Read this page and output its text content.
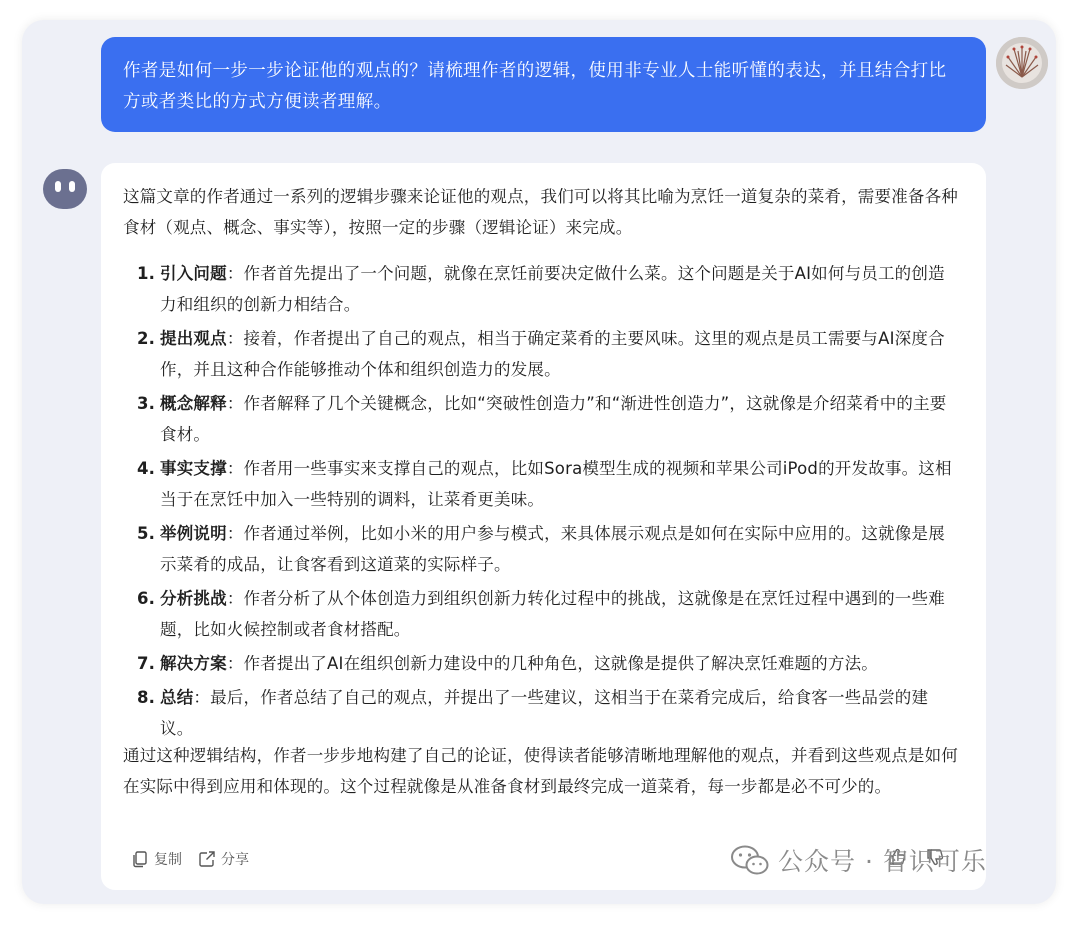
作者是如何一步一步论证他的观点的？请梳理作者的逻辑，使用非专业人士能听懂的表达，并且结合打比方或者类比的方式方便读者理解。

这篇文章的作者通过一系列的逻辑步骤来论证他的观点，我们可以将其比喻为烹饪一道复杂的菜肴，需要准备各种食材（观点、概念、事实等），按照一定的步骤（逻辑论证）来完成。

1. 引入问题：作者首先提出了一个问题，就像在烹饪前要决定做什么菜。这个问题是关于AI如何与员工的创造力和组织的创新力相结合。
2. 提出观点：接着，作者提出了自己的观点，相当于确定菜肴的主要风味。这里的观点是员工需要与AI深度合作，并且这种合作能够推动个体和组织创造力的发展。
3. 概念解释：作者解释了几个关键概念，比如“突破性创造力”和“渐进性创造力”，这就像是介绍菜肴中的主要食材。
4. 事实支撑：作者用一些事实来支撑自己的观点，比如Sora模型生成的视频和苹果公司iPod的开发故事。这相当于在烹饪中加入一些特别的调料，让菜肴更美味。
5. 举例说明：作者通过举例，比如小米的用户参与模式，来具体展示观点是如何在实际中应用的。这就像是展示菜肴的成品，让食客看到这道菜的实际样子。
6. 分析挑战：作者分析了从个体创造力到组织创新力转化过程中的挑战，这就像是在烹饪过程中遇到的一些难题，比如火候控制或者食材搭配。
7. 解决方案：作者提出了AI在组织创新力建设中的几种角色，这就像是提供了解决烹饪难题的方法。
8. 总结：最后，作者总结了自己的观点，并提出了一些建议，这相当于在菜肴完成后，给食客一些品尝的建议。

通过这种逻辑结构，作者一步步地构建了自己的论证，使得读者能够清晰地理解他的观点，并看到这些观点是如何在实际中得到应用和体现的。这个过程就像是从准备食材到最终完成一道菜肴，每一步都是必不可少的。

复制	分享	公众号 · 智识可乐
